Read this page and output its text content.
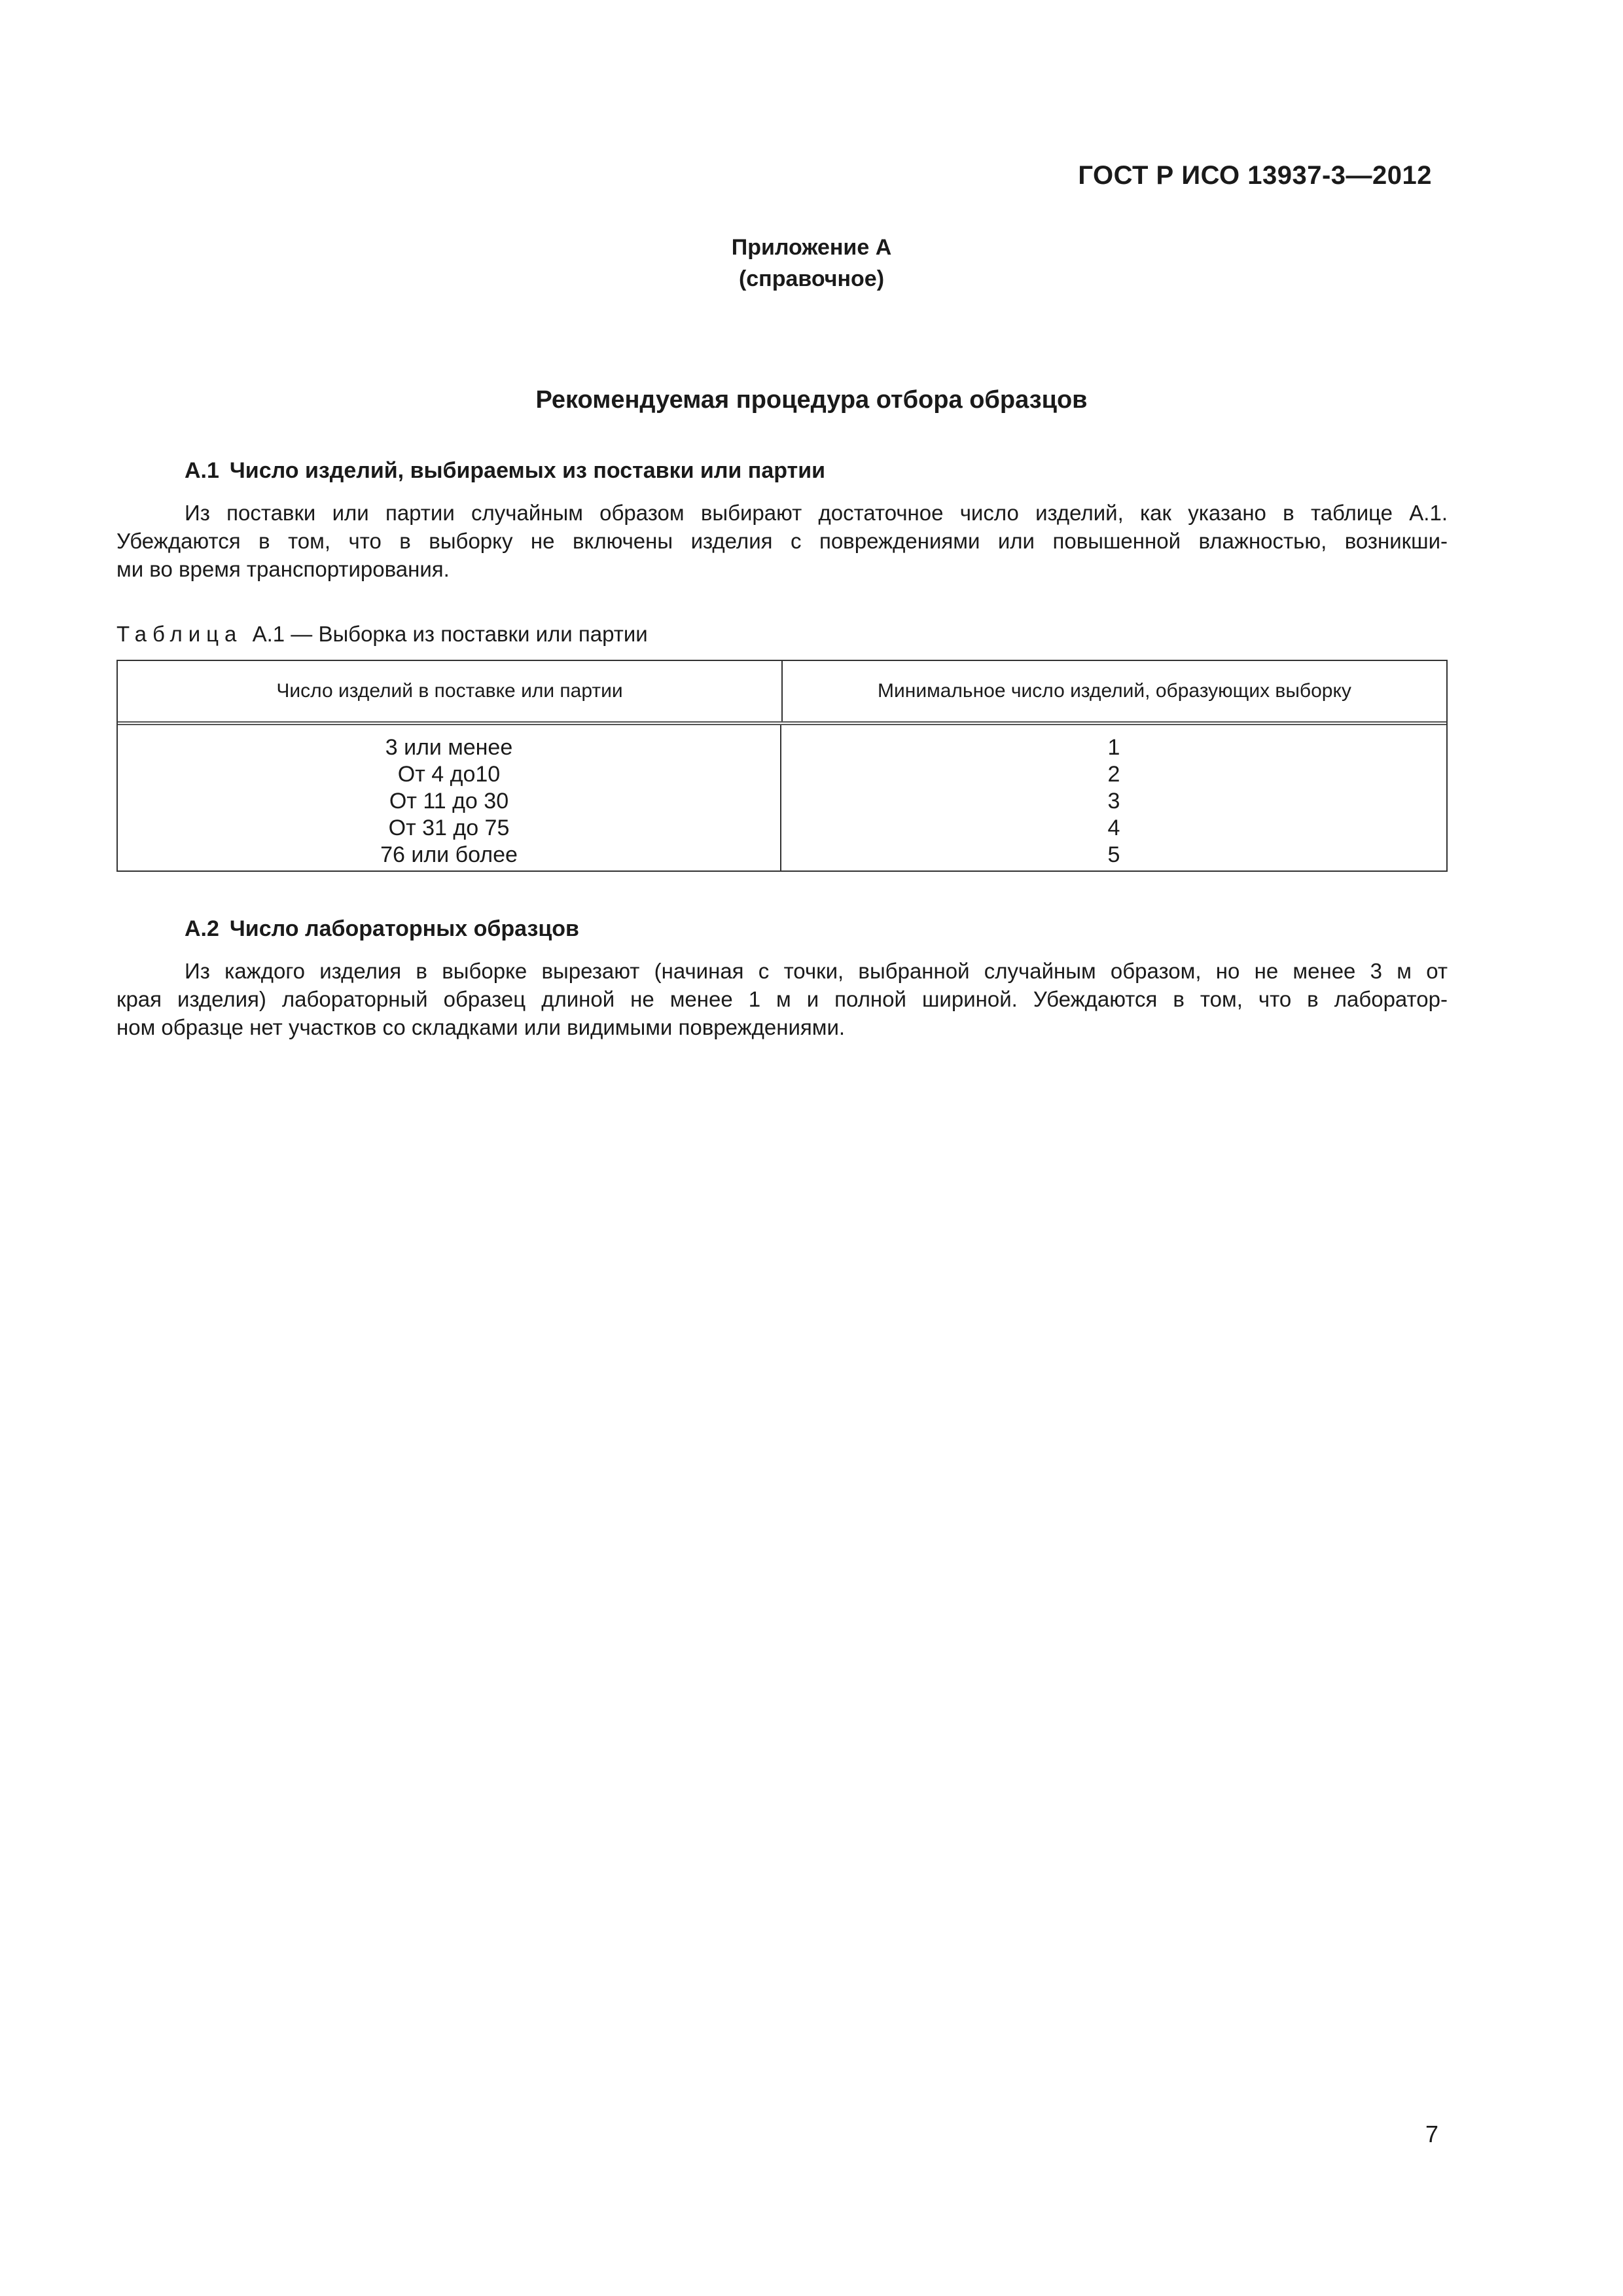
ГОСТ Р ИСО 13937-3—2012
Приложение А
(справочное)
Рекомендуемая процедура отбора образцов
А.1 Число изделий, выбираемых из поставки или партии
Из поставки или партии случайным образом выбирают достаточное число изделий, как указано в таблице А.1.
Убеждаются в том, что в выборку не включены изделия с повреждениями или повышенной влажностью, возникши-
ми во время транспортирования.
Таблица А.1 — Выборка из поставки или партии
Число изделий в поставке или партии	Минимальное число изделий, образующих выборку
3 или менее
От 4 до10
От 11 до 30
От 31 до 75
76 или более
1
2
3
4
5
А.2 Число лабораторных образцов
Из каждого изделия в выборке вырезают (начиная с точки, выбранной случайным образом, но не менее 3 м от
края изделия) лабораторный образец длиной не менее 1 м и полной шириной. Убеждаются в том, что в лаборатор-
ном образце нет участков со складками или видимыми повреждениями.
7
